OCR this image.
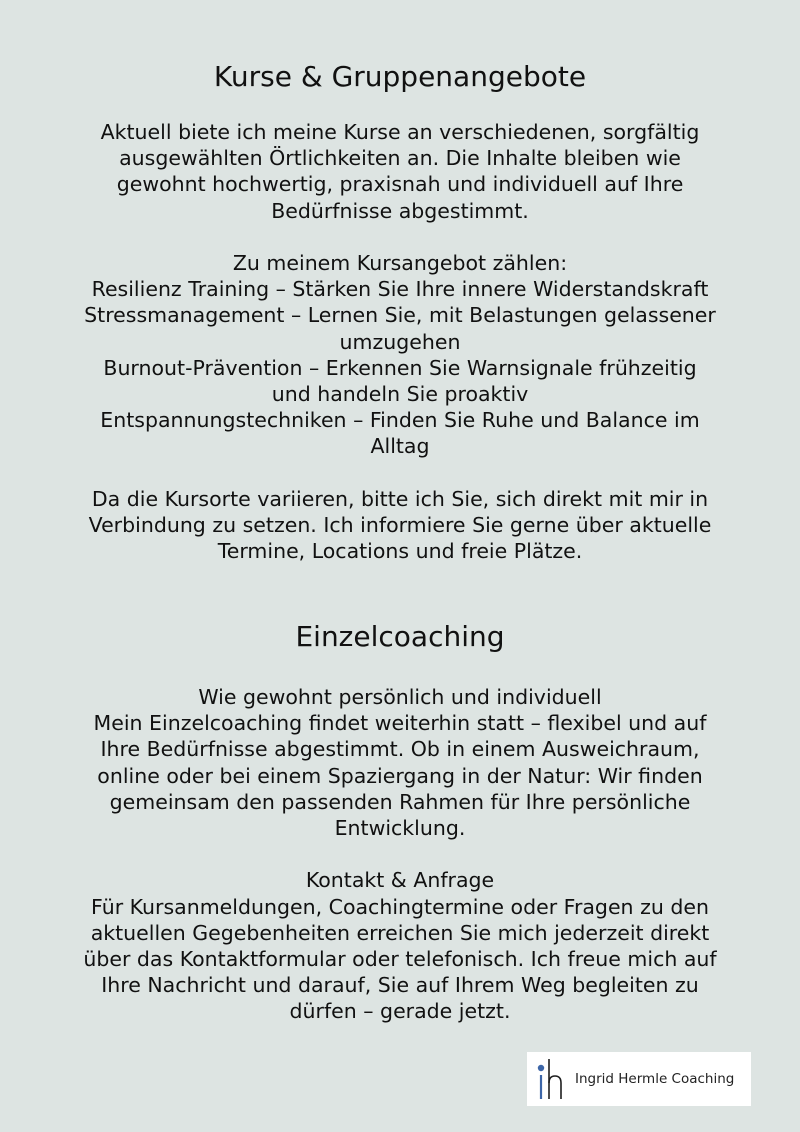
Kurse & Gruppenangebote

Aktuell biete ich meine Kurse an verschiedenen, sorgfältig

ausgewählten Örtlichkeiten an. Die Inhalte bleiben wie

gewohnt hochwertig, praxisnah und individuell auf Ihre

Bedürfnisse abgestimmt.

Zu meinem Kursangebot zählen:

Resilienz Training – Stärken Sie Ihre innere Widerstandskraft

Stressmanagement – Lernen Sie, mit Belastungen gelassener

umzugehen

Burnout-Prävention – Erkennen Sie Warnsignale frühzeitig

und handeln Sie proaktiv

Entspannungstechniken – Finden Sie Ruhe und Balance im

Alltag

Da die Kursorte variieren, bitte ich Sie, sich direkt mit mir in

Verbindung zu setzen. Ich informiere Sie gerne über aktuelle

Termine, Locations und freie Plätze.

Einzelcoaching

Wie gewohnt persönlich und individuell

Mein Einzelcoaching findet weiterhin statt – flexibel und auf

Ihre Bedürfnisse abgestimmt. Ob in einem Ausweichraum,

online oder bei einem Spaziergang in der Natur: Wir finden

gemeinsam den passenden Rahmen für Ihre persönliche

Entwicklung.

Kontakt & Anfrage

Für Kursanmeldungen, Coachingtermine oder Fragen zu den

aktuellen Gegebenheiten erreichen Sie mich jederzeit direkt

über das Kontaktformular oder telefonisch. Ich freue mich auf

Ihre Nachricht und darauf, Sie auf Ihrem Weg begleiten zu

dürfen – gerade jetzt.

Ingrid Hermle Coaching
